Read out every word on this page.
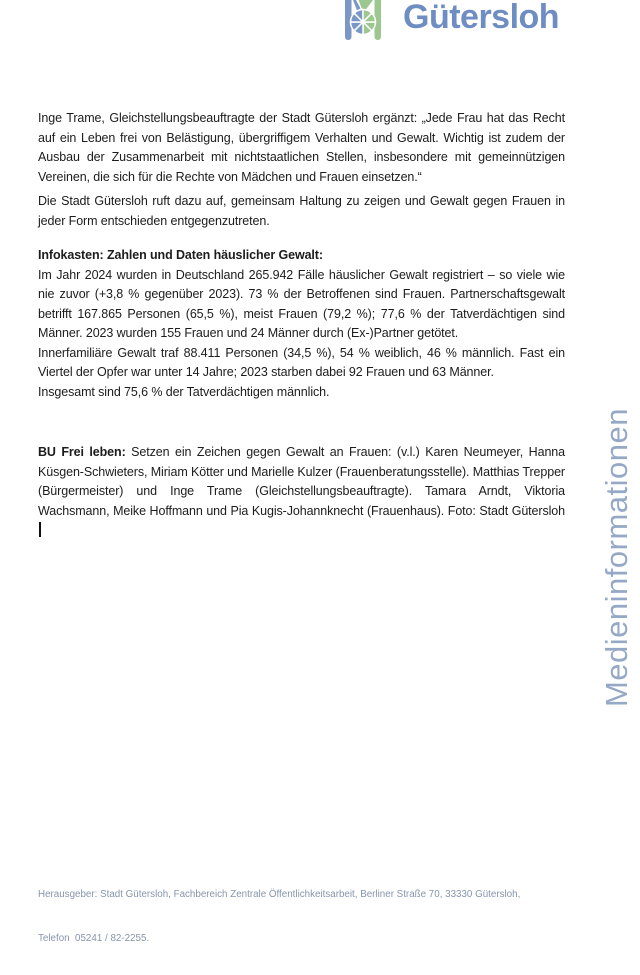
Gütersloh

Inge Trame, Gleichstellungsbeauftragte der Stadt Gütersloh ergänzt: „Jede Frau hat das Recht auf ein Leben frei von Belästigung, übergriffigem Verhalten und Gewalt. Wichtig ist zudem der Ausbau der Zusammenarbeit mit nichtstaatlichen Stellen, insbesondere mit gemeinnützigen Vereinen, die sich für die Rechte von Mädchen und Frauen einsetzen.“

Die Stadt Gütersloh ruft dazu auf, gemeinsam Haltung zu zeigen und Gewalt gegen Frauen in jeder Form entschieden entgegenzutreten.

Infokasten: Zahlen und Daten häuslicher Gewalt:
Im Jahr 2024 wurden in Deutschland 265.942 Fälle häuslicher Gewalt registriert – so viele wie nie zuvor (+3,8 % gegenüber 2023). 73 % der Betroffenen sind Frauen. Partnerschaftsgewalt betrifft 167.865 Personen (65,5 %), meist Frauen (79,2 %); 77,6 % der Tatverdächtigen sind Männer. 2023 wurden 155 Frauen und 24 Männer durch (Ex-)Partner getötet.
Innerfamiliäre Gewalt traf 88.411 Personen (34,5 %), 54 % weiblich, 46 % männlich. Fast ein Viertel der Opfer war unter 14 Jahre; 2023 starben dabei 92 Frauen und 63 Männer.
Insgesamt sind 75,6 % der Tatverdächtigen männlich.

BU Frei leben: Setzen ein Zeichen gegen Gewalt an Frauen: (v.l.) Karen Neumeyer, Hanna Küsgen-Schwieters, Miriam Kötter und Marielle Kulzer (Frauenberatungsstelle). Matthias Trepper (Bürgermeister) und Inge Trame (Gleichstellungsbeauftragte). Tamara Arndt, Viktoria Wachsmann, Meike Hoffmann und Pia Kugis-Johannknecht (Frauenhaus). Foto: Stadt Gütersloh Medieninformationen

Herausgeber: Stadt Gütersloh, Fachbereich Zentrale Öffentlichkeitsarbeit, Berliner Straße 70, 33330 Gütersloh,

Telefon  05241 / 82-2255.
